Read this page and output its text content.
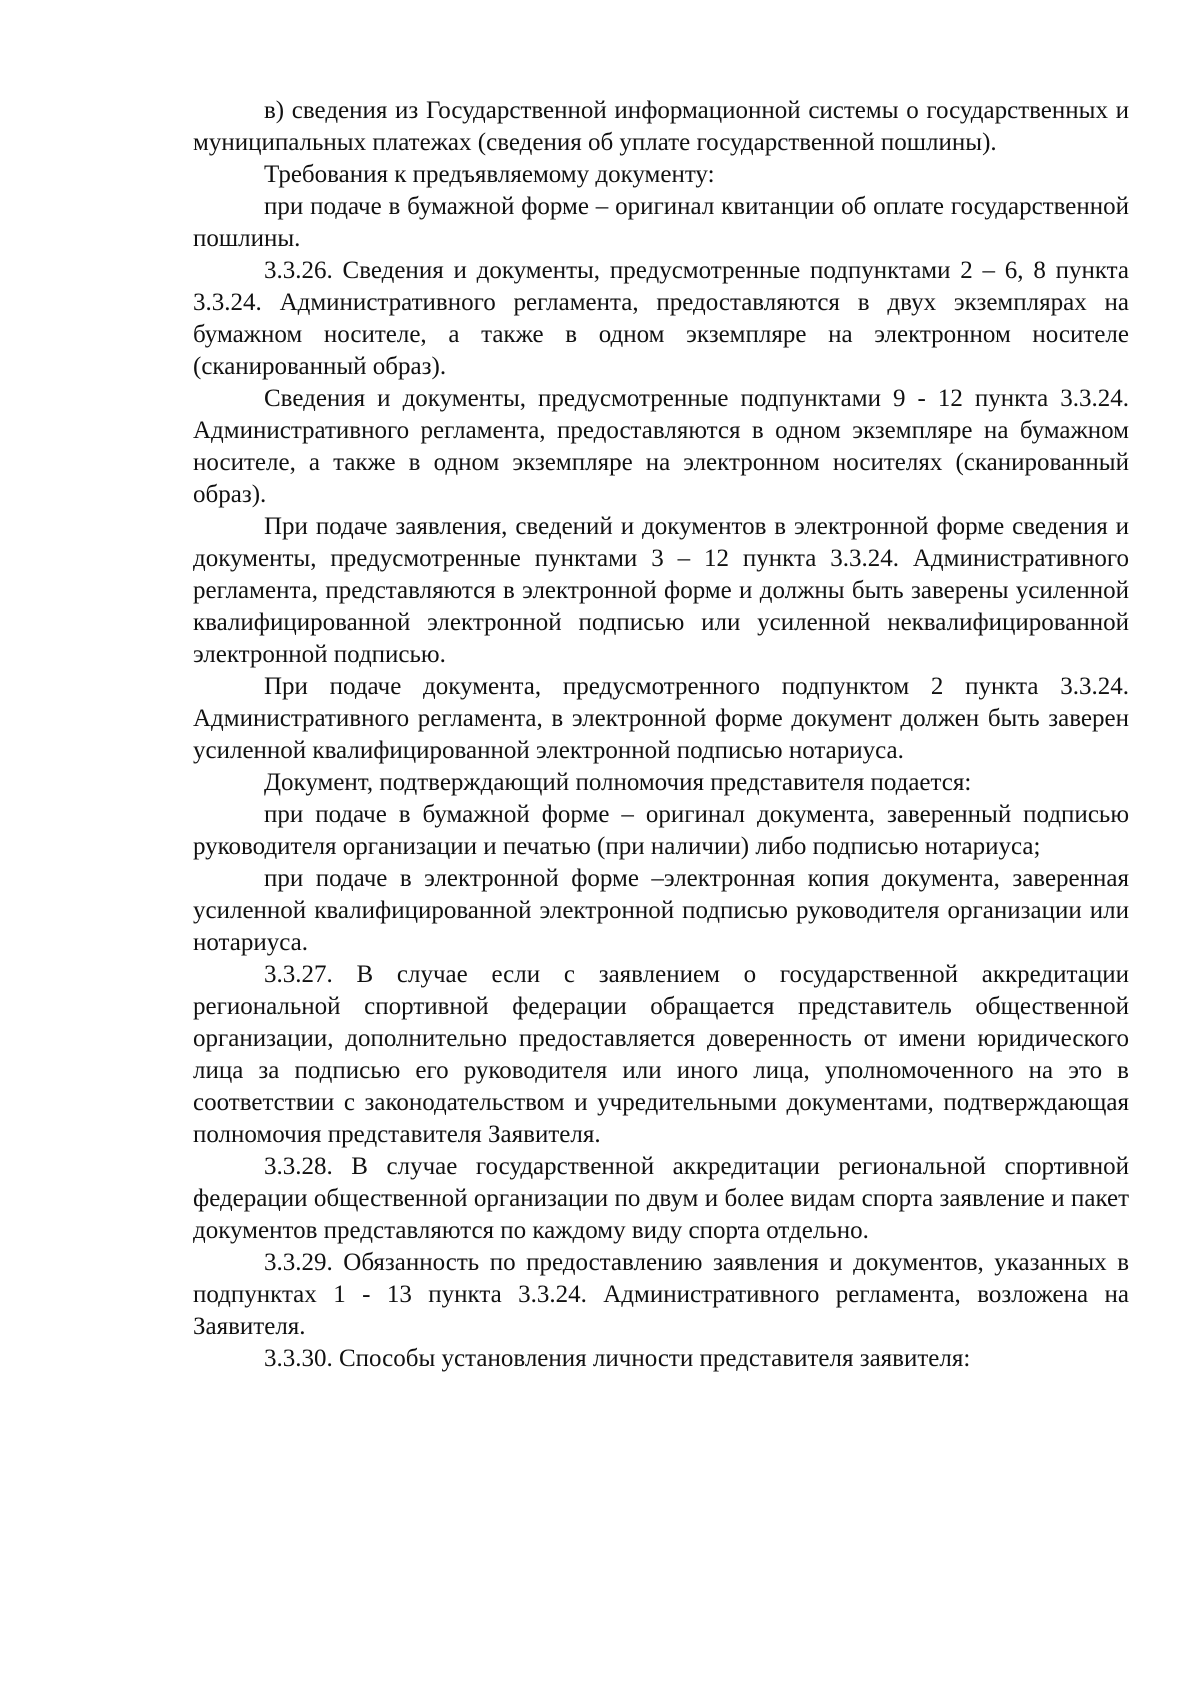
в) сведения из Государственной информационной системы о государственных и муниципальных платежах (сведения об уплате государственной пошлины).

Требования к предъявляемому документу:

при подаче в бумажной форме – оригинал квитанции об оплате государственной пошлины.

3.3.26. Сведения и документы, предусмотренные подпунктами 2 – 6, 8 пункта 3.3.24. Административного регламента, предоставляются в двух экземплярах на бумажном носителе, а также в одном экземпляре на электронном носителе (сканированный образ).

Сведения и документы, предусмотренные подпунктами 9 - 12 пункта 3.3.24. Административного регламента, предоставляются в одном экземпляре на бумажном носителе, а также в одном экземпляре на электронном носителях (сканированный образ).

При подаче заявления, сведений и документов в электронной форме сведения и документы, предусмотренные пунктами 3 – 12 пункта 3.3.24. Административного регламента, представляются в электронной форме и должны быть заверены усиленной квалифицированной электронной подписью или усиленной неквалифицированной электронной подписью.

При подаче документа, предусмотренного подпунктом 2 пункта 3.3.24. Административного регламента, в электронной форме документ должен быть заверен усиленной квалифицированной электронной подписью нотариуса.

Документ, подтверждающий полномочия представителя подается:

при подаче в бумажной форме – оригинал документа, заверенный подписью руководителя организации и печатью (при наличии) либо подписью нотариуса;

при подаче в электронной форме –электронная копия документа, заверенная усиленной квалифицированной электронной подписью руководителя организации или нотариуса.

3.3.27. В случае если с заявлением о государственной аккредитации региональной спортивной федерации обращается представитель общественной организации, дополнительно предоставляется доверенность от имени юридического лица за подписью его руководителя или иного лица, уполномоченного на это в соответствии с законодательством и учредительными документами, подтверждающая полномочия представителя Заявителя.

3.3.28. В случае государственной аккредитации региональной спортивной федерации общественной организации по двум и более видам спорта заявление и пакет документов представляются по каждому виду спорта отдельно.

3.3.29. Обязанность по предоставлению заявления и документов, указанных в подпунктах 1 - 13 пункта 3.3.24. Административного регламента, возложена на Заявителя.

3.3.30. Способы установления личности представителя заявителя:
